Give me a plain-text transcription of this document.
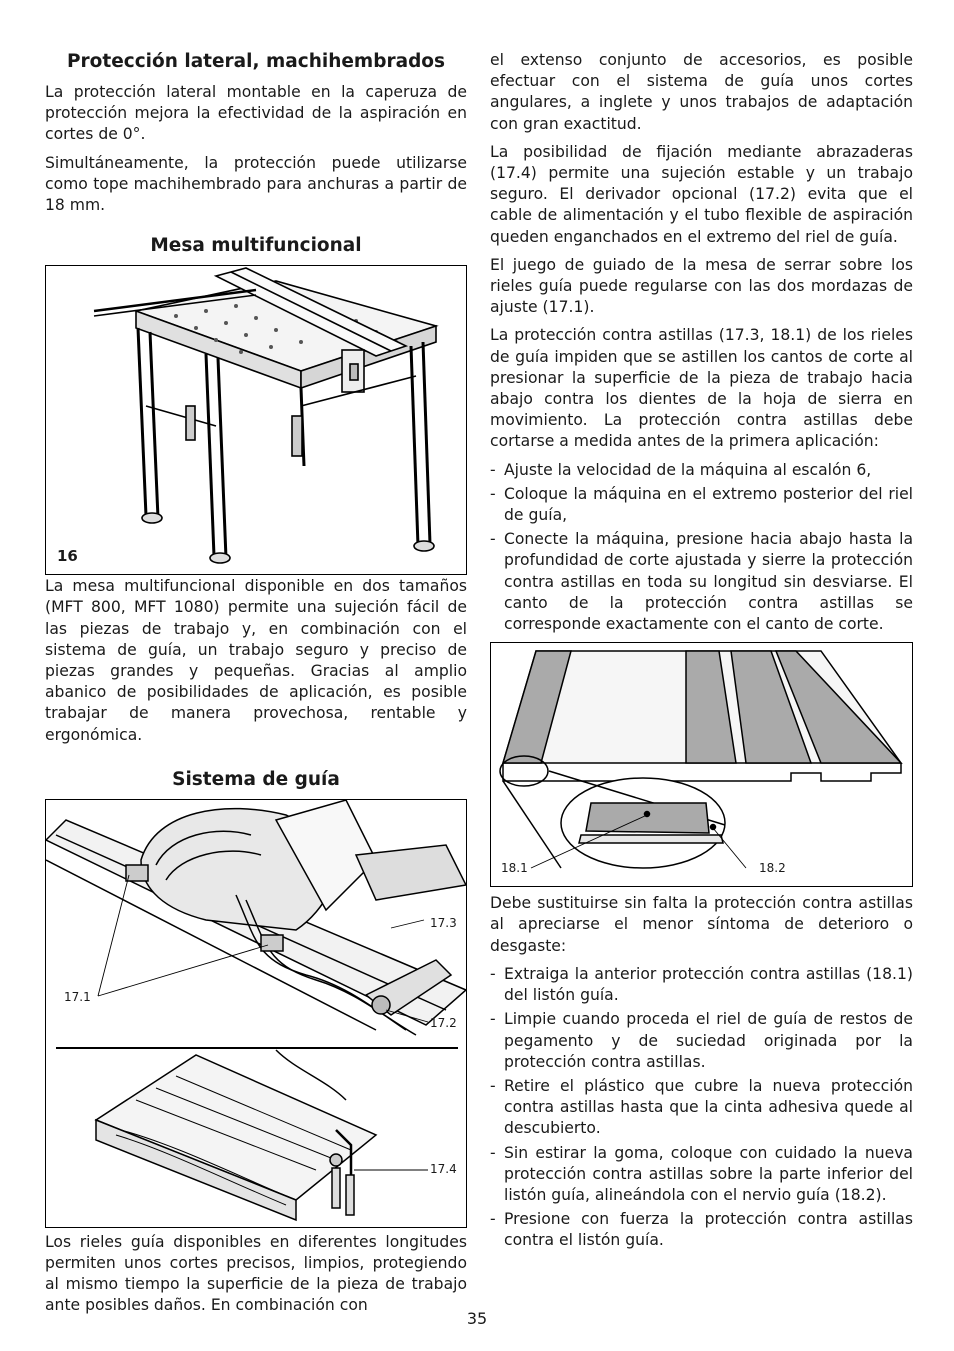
Protección lateral, machihembrados

La protección lateral montable en la caperuza de protección mejora la efectividad de la aspiración en cortes de 0°.

Simultáneamente, la protección puede utilizarse como tope machihembrado para anchuras a partir de 18 mm.

Mesa multifuncional
16

La mesa multifuncional disponible en dos tamaños (MFT 800, MFT 1080) permite una sujeción fácil de las piezas de trabajo y, en combinación con el sistema de guía, un trabajo seguro y preciso de piezas grandes y pequeñas. Gracias al amplio abanico de posibilidades de aplicación, es posible trabajar de manera provechosa, rentable y ergonómica.

Sistema de guía
17.3
17.1
17.2
17.4

Los rieles guía disponibles en diferentes longitudes permiten unos cortes precisos, limpios, protegiendo al mismo tiempo la superficie de la pieza de trabajo ante posibles daños. En combinación con

el extenso conjunto de accesorios, es posible efectuar con el sistema de guía unos cortes angulares, a inglete y unos trabajos de adaptación con gran exactitud.

La posibilidad de fijación mediante abrazaderas (17.4) permite una sujeción estable y un trabajo seguro. El derivador opcional (17.2) evita que el cable de alimentación y el tubo flexible de aspiración queden enganchados en el extremo del riel de guía.

El juego de guiado de la mesa de serrar sobre los rieles guía puede regularse con las dos mordazas de ajuste (17.1).

La protección contra astillas (17.3, 18.1) de los rieles de guía impiden que se astillen los cantos de corte al presionar la superficie de la pieza de trabajo hacia abajo contra los dientes de la hoja de sierra en movimiento. La protección contra astillas debe cortarse a medida antes de la primera aplicación:

- Ajuste la velocidad de la máquina al escalón 6,
- Coloque la máquina en el extremo posterior del riel de guía,
- Conecte la máquina, presione hacia abajo hasta la profundidad de corte ajustada y sierre la protección contra astillas en toda su longitud sin desviarse. El canto de la protección contra astillas se corresponde exactamente con el canto de corte.
18.1	18.2

Debe sustituirse sin falta la protección contra astillas al apreciarse el menor síntoma de deterioro o desgaste:

- Extraiga la anterior protección contra astillas (18.1) del listón guía.
- Limpie cuando proceda el riel de guía de restos de pegamento y de suciedad originada por la protección contra astillas.
- Retire el plástico que cubre la nueva protección contra astillas hasta que la cinta adhesiva quede al descubierto.
- Sin estirar la goma, coloque con cuidado la nueva protección contra astillas sobre la parte inferior del listón guía, alineándola con el nervio guía (18.2).
- Presione con fuerza la protección contra astillas contra el listón guía.
35
